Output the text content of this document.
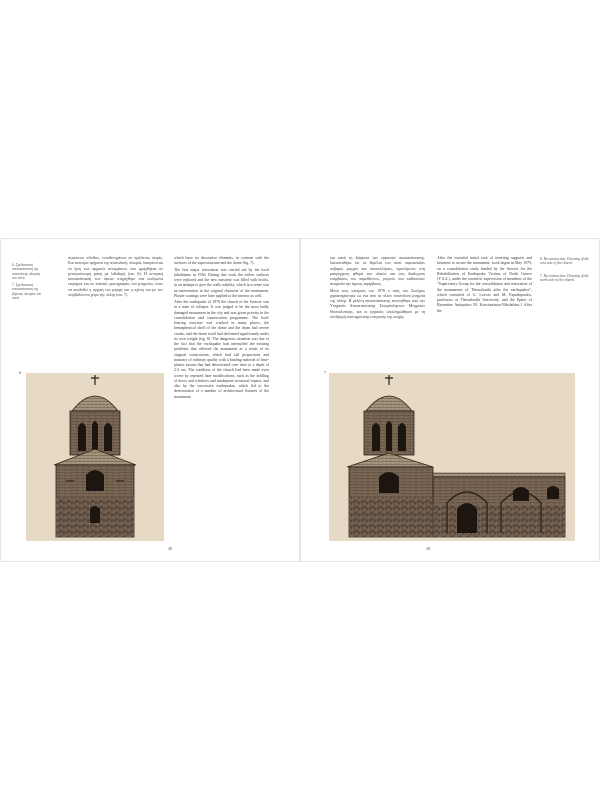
6. Σχεδιαστική αποκατάσταση της ανατολικής πλευράς του ναού.
7. Σχεδιαστική αποκατάσταση της βόρειας πλευράς του ναού.

στρώσεων πλίνθων, τοποθετημένων σε οριζόντιες σειρές. Στα ανώτερα τμήματα της ανατολικής πλευράς διακρίνονται τα ίχνη των αρχικών ανοιγμάτων, που φράχθηκαν σε μεταγενέστερη φάση με λιθοδομή (εικ. 6). Η ιστορική αποκατάσταση των όψεων στηρίχθηκε στα σωζόμενα τεκμήρια και σε παλαιές φωτογραφίες του μνημείου, ώστε να αποδοθεί η αρχική του μορφή και η σχέση του με τον περιβάλλοντα χώρο της πόλης (εικ. 7).

which have no decorative elements, in contrast with the surfaces of the superstructure and the dome (fig. 7).

The first major restoration was carried out by the local inhabitants in 1936. During this work the earlier surfaces were replaced and the new masonry was filled with bricks, in an attempt to give the walls stability, which in a sense was an intervention in the original character of the monument. Plaster coatings were later applied to the interior as well.

After the earthquake of 1978 the church of the Saviour was in a state of collapse. It was judged to be the most badly damaged monument in the city and was given priority in the consolidation and conservation programme. The load-bearing structure was cracked in many places, the hemispherical shell of the dome and the drum had severe cracks, and the dome itself had deformed significantly under its own weight (fig. 8). The dangerous situation was due to the fact that the earthquake had intensified the existing problems that affected the monument as a result of its original construction, which had tall proportions and masonry of ordinary quality with a binding material of lime-plaster mortar that had deteriorated over time to a depth of 2-3 cm. The condition of the church had been made even worse by repeated later modifications, such as the infilling of doors and windows and inadequate structural repairs, and also by the successive earthquakes, which led to the deterioration of a number of architectural features of the monument.

6
48

και κατά τη διάρκεια των εργασιών αποκατάστασης, διαπιστώθηκε ότι τα θεμέλια του ναού παρουσίαζαν σοβαρές ρωγμές και αποκολλήσεις, οφειλόμενες στη μακρόχρονη φθορά των υλικών και στις διαδοχικές επεμβάσεις του παρελθόντος, γεγονός που καθιστούσε αναγκαία την άμεση παρέμβαση.

Μετά τους σεισμούς του 1978 ο ναός του Σωτήρος χαρακτηρίστηκε ως ένα από τα πλέον επικίνδυνα μνημεία της πόλης. Η μελέτη αποκατάστασης εκπονήθηκε από την Υπηρεσία Αποκατάστασης Σεισμόπληκτων Μνημείων Θεσσαλονίκης, και οι εργασίες ολοκληρώθηκαν με τη συνδρομή επιστημονικής επιτροπής της εποχής.

After the essential initial task of inserting supports and fasteners to secure the monument, work began in May 1979, on a consolidation study funded by the Service for the Rehabilitation of Earthquake Victims of North Greece (Υ.Α.Σ.), under the scientific supervision of members of the "Supervisory Group for the consolidation and restoration of the monuments of Thessaloniki after the earthquakes", which consisted of G. Lavvas and M. Papadopoulos, professors at Thessaloniki University, and the Ephor of Byzantine Antiquities M. Konstantinou-Nikolaidou.1 After the

8. Reconstruction. Drawing of the east side of the church.
7. Reconstruction. Drawing of the north side of the church.
7
49
